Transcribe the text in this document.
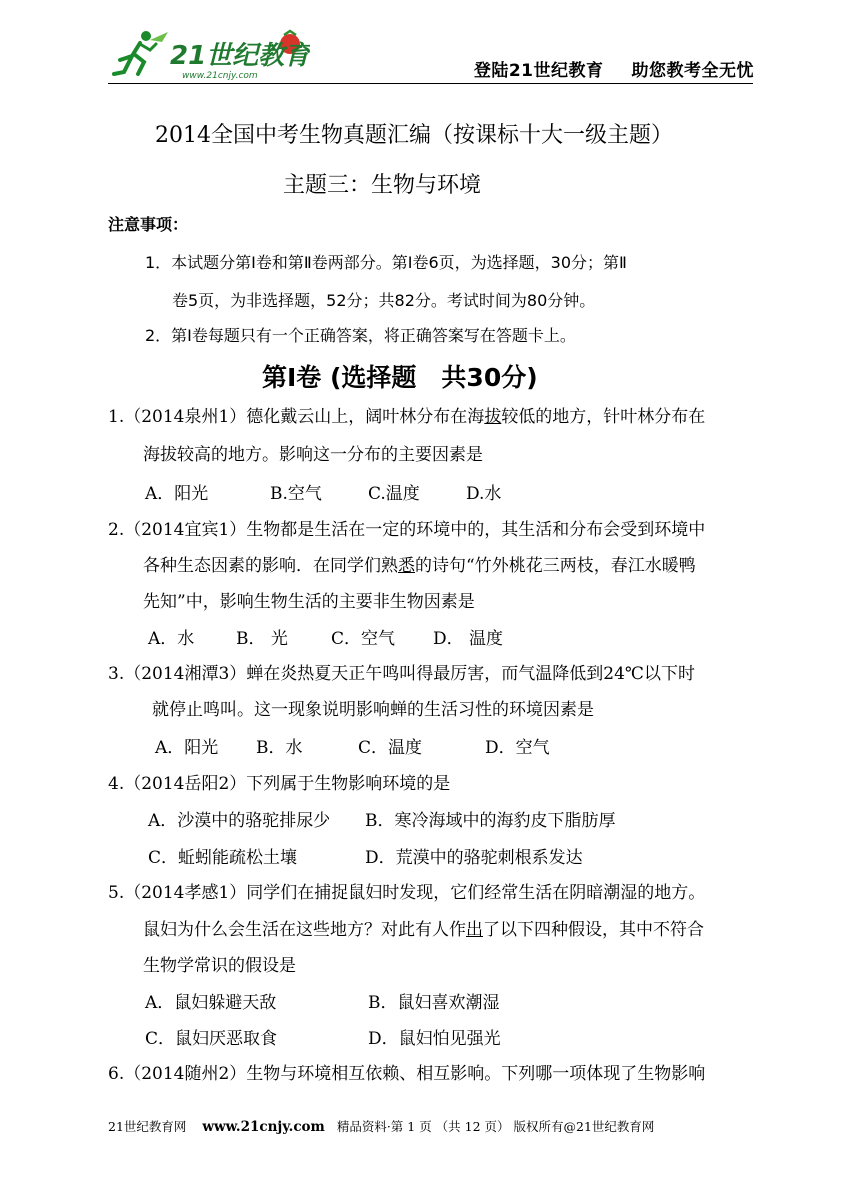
21世纪教育
www.21cnjy.com	登陆21世纪教育 助您教考全无忧
2014全国中考生物真题汇编（按课标十大一级主题）
主题三：生物与环境
注意事项：
1．本试题分第Ⅰ卷和第Ⅱ卷两部分。第Ⅰ卷6页，为选择题，30分；第Ⅱ
卷5页，为非选择题，52分；共82分。考试时间为80分钟。
2．第Ⅰ卷每题只有一个正确答案，将正确答案写在答题卡上。
第Ⅰ卷 (选择题　共30分)
1.（2014泉州1）德化戴云山上，阔叶林分布在海拔较低的地方，针叶林分布在
海拔较高的地方。影响这一分布的主要因素是
A．阳光	B.空气	C.温度	D.水
2.（2014宜宾1）生物都是生活在一定的环境中的，其生活和分布会受到环境中
各种生态因素的影响．在同学们熟悉的诗句“竹外桃花三两枝，春江水暖鸭
先知”中，影响生物生活的主要非生物因素是
A．水 B． 光	C．空气 D． 温度
3.（2014湘潭3）蝉在炎热夏天正午鸣叫得最厉害，而气温降低到24℃以下时
就停止鸣叫。这一现象说明影响蝉的生活习性的环境因素是
A．阳光 B．水	C．温度	D．空气
4.（2014岳阳2）下列属于生物影响环境的是
A．沙漠中的骆驼排尿少 B．寒冷海域中的海豹皮下脂肪厚
C．蚯蚓能疏松土壤	D．荒漠中的骆驼刺根系发达
5.（2014孝感1）同学们在捕捉鼠妇时发现，它们经常生活在阴暗潮湿的地方。
鼠妇为什么会生活在这些地方？对此有人作出了以下四种假设，其中不符合
生物学常识的假设是
A．鼠妇躲避天敌	B．鼠妇喜欢潮湿
C．鼠妇厌恶取食	D．鼠妇怕见强光
6.（2014随州2）生物与环境相互依赖、相互影响。下列哪一项体现了生物影响
21世纪教育网 www.21cnjy.com 精品资料·第 1 页 （共 12 页） 版权所有@21世纪教育网
